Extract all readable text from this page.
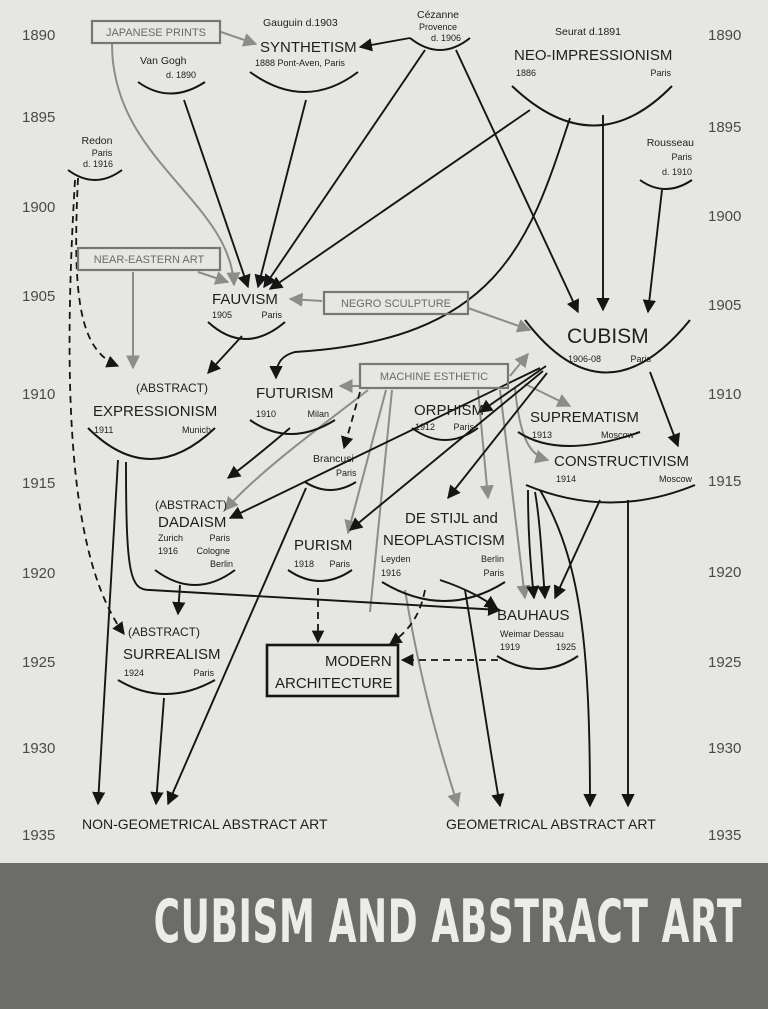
1890
1895
1900
1905
1910
1915
1920
1925
1930
1935
1890
1895
1900
1905
1910
1915
1920
1925
1930
1935
JAPANESE PRINTS
NEAR-EASTERN ART
NEGRO SCULPTURE
MACHINE ESTHETIC
Gauguin d.1903
Cézanne
Provence
d. 1906	Seurat d.1891
Van Gogh
d. 1890
Redon
Paris
d. 1916
Rousseau
Paris
d. 1910
Brancusi
Paris
SYNTHETISM
1888 Pont-Aven, Paris	NEO-IMPRESSIONISM
1886	Paris
FAUVISM
1905	Paris
CUBISM
1906-08	Paris
(ABSTRACT)
EXPRESSIONISM
1911	Munich
FUTURISM
1910	Milan	ORPHISM
1912 Paris
SUPREMATISM
1913	Moscow
CONSTRUCTIVISM
1914	Moscow
(ABSTRACT)
DADAISM
Zurich	Paris
1916 Cologne
Berlin
DE STIJL and
NEOPLASTICISM
Leyden	Berlin
1916	Paris
PURISM
1918 Paris
BAUHAUS
Weimar Dessau
1919	1925
(ABSTRACT)
SURREALISM
1924	Paris
MODERN
ARCHITECTURE
NON-GEOMETRICAL ABSTRACT ART	GEOMETRICAL ABSTRACT ART
CUBISM AND ABSTRACT ART
